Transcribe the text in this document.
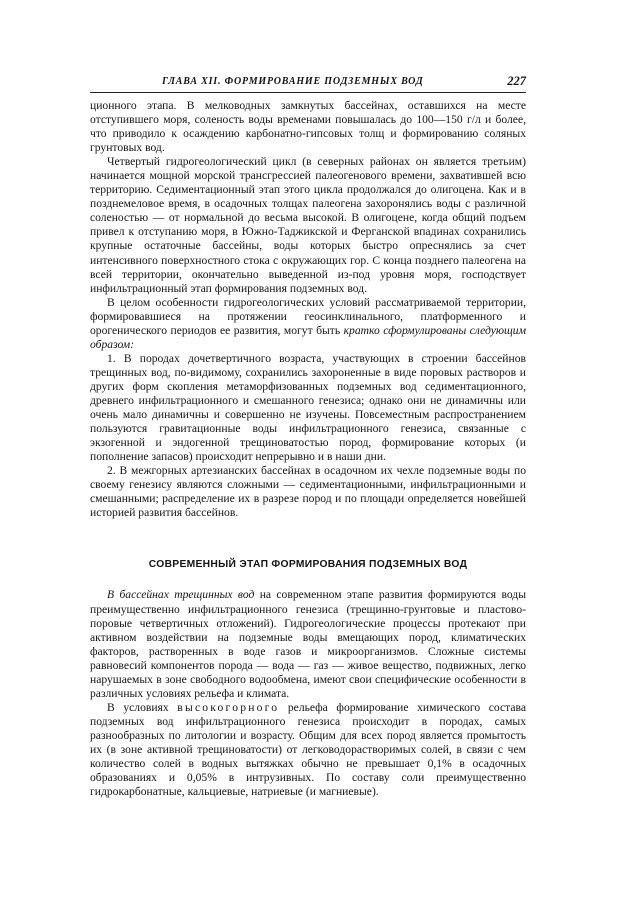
ГЛАВА XII. ФОРМИРОВАНИЕ ПОДЗЕМНЫХ ВОД	227

ционного этапа. В мелководных замкнутых бассейнах, оставшихся на месте отступившего моря, соленость воды временами повышалась до 100—150 г/л и более, что приводило к осаждению карбонатно-гипсовых толщ и формированию соляных грунтовых вод.

Четвертый гидрогеологический цикл (в северных районах он является третьим) начинается мощной морской трансгрессией палеогенового времени, захватившей всю территорию. Седиментационный этап этого цикла продолжался до олигоцена. Как и в позднемеловое время, в осадочных толщах палеогена захоронялись воды с различной соленостью — от нормальной до весьма высокой. В олигоцене, когда общий подъем привел к отступанию моря, в Южно-Таджикской и Ферганской впадинах сохранились крупные остаточные бассейны, воды которых быстро опреснялись за счет интенсивного поверхностного стока с окружающих гор. С конца позднего палеогена на всей территории, окончательно выведенной из-под уровня моря, господствует инфильтрационный этап формирования подземных вод.

В целом особенности гидрогеологических условий рассматриваемой территории, формировавшиеся на протяжении геосинклинального, платформенного и орогенического периодов ее развития, могут быть кратко сформулированы следующим образом:

1. В породах дочетвертичного возраста, участвующих в строении бассейнов трещинных вод, по-видимому, сохранились захороненные в виде поровых растворов и других форм скопления метаморфизованных подземных вод седиментационного, древнего инфильтрационного и смешанного генезиса; однако они не динамичны или очень мало динамичны и совершенно не изучены. Повсеместным распространением пользуются гравитационные воды инфильтрационного генезиса, связанные с экзогенной и эндогенной трещиноватостью пород, формирование которых (и пополнение запасов) происходит непрерывно и в наши дни.

2. В межгорных артезианских бассейнах в осадочном их чехле подземные воды по своему генезису являются сложными — седиментационными, инфильтрационными и смешанными; распределение их в разрезе пород и по площади определяется новейшей историей развития бассейнов.

СОВРЕМЕННЫЙ ЭТАП ФОРМИРОВАНИЯ ПОДЗЕМНЫХ ВОД

В бассейнах трещинных вод на современном этапе развития формируются воды преимущественно инфильтрационного генезиса (трещинно-грунтовые и пластово-поровые четвертичных отложений). Гидрогеологические процессы протекают при активном воздействии на подземные воды вмещающих пород, климатических факторов, растворенных в воде газов и микроорганизмов. Сложные системы равновесий компонентов порода — вода — газ — живое вещество, подвижных, легко нарушаемых в зоне свободного водообмена, имеют свои специфические особенности в различных условиях рельефа и климата.

В условиях высокогорного рельефа формирование химического состава подземных вод инфильтрационного генезиса происходит в породах, самых разнообразных по литологии и возрасту. Общим для всех пород является промытость их (в зоне активной трещиноватости) от легководорастворимых солей, в связи с чем количество солей в водных вытяжках обычно не превышает 0,1% в осадочных образованиях и 0,05% в интрузивных. По составу соли преимущественно гидрокарбонатные, кальциевые, натриевые (и магниевые).
